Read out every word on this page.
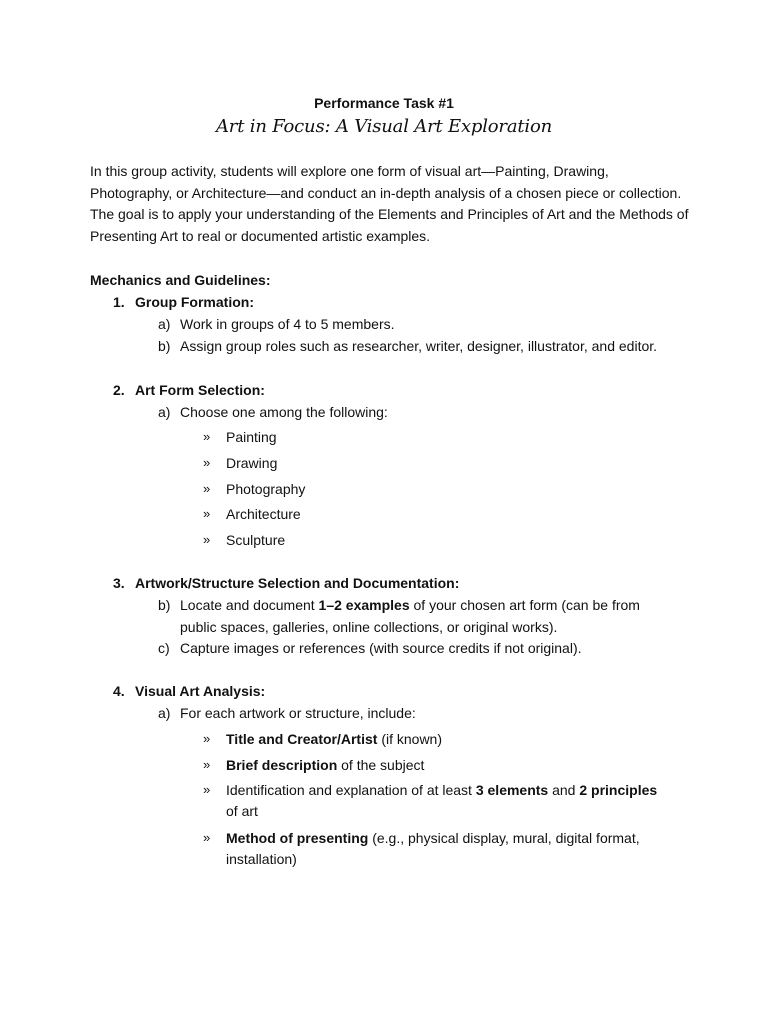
Performance Task #1
Art in Focus: A Visual Art Exploration

In this group activity, students will explore one form of visual art—Painting, Drawing, Photography, or Architecture—and conduct an in-depth analysis of a chosen piece or collection. The goal is to apply your understanding of the Elements and Principles of Art and the Methods of Presenting Art to real or documented artistic examples.

Mechanics and Guidelines:
1. Group Formation:
a) Work in groups of 4 to 5 members.
b) Assign group roles such as researcher, writer, designer, illustrator, and editor.
2. Art Form Selection:
a) Choose one among the following:
» Painting
» Drawing
» Photography
» Architecture
» Sculpture
3. Artwork/Structure Selection and Documentation:
b) Locate and document 1–2 examples of your chosen art form (can be from
public spaces, galleries, online collections, or original works).
c) Capture images or references (with source credits if not original).
4. Visual Art Analysis:
a) For each artwork or structure, include:
» Title and Creator/Artist (if known)
» Brief description of the subject
» Identification and explanation of at least 3 elements and 2 principles
of art
» Method of presenting (e.g., physical display, mural, digital format,
installation)
